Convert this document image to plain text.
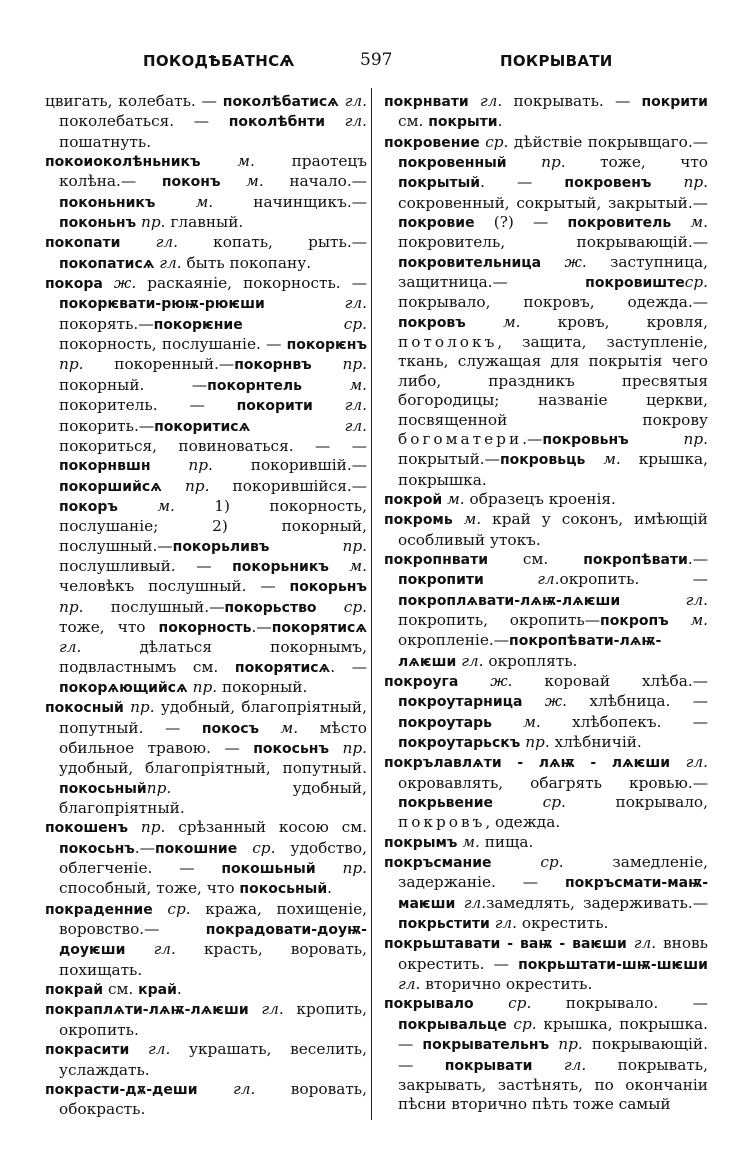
ПОКОДѢБАТНСѦ	597	ПОКРЫВАТИ

цвигать, колебать. — поколѣбатисѧ гл. поколебаться. — поколѣбнти гл. пошатнуть.

покоиоколѣньникъ м. праотецъ колѣна.— поконъ м. начало.—поконьникъ м. начинщикъ.— поконьнъ пр. главный.

покопати гл. копать, рыть.— покопатисѧ гл. быть покопану.

покора ж. раскаяніе, покорность. — покорѥвати-рюѭ-рюѥши гл. покорять.—покорѥние ср. покорность, послушаніе. — покорѥнъ пр. покоренный.—покорнвъ пр. покорный. —покорнтель м. покоритель. — покорити гл. покорить.—покоритисѧ гл. покориться, повиноваться. — —покорнвшн пр. покорившій.— покоршийсѧ пр. покорившійся.— покоръ м. 1) покорность, послушаніе; 2) покорный, послушный.—покорьливъ пр. послушливый. — покорьникъ м. человѣкъ послушный. — покорьнъ пр. послушный.—покорьство ср. тоже, что покорность.—покорятисѧ гл. дѣлаться покорнымъ, подвластнымъ см. покорятисѧ. — покорѧющийсѧ пр. покорный.

покосный пр. удобный, благопріятный, попутный. — покосъ м. мѣсто обильное травою. — покосьнъ пр. удобный, благопріятный, попутный. покосьныйпр. удобный, благопріятный.

покошенъ пр. срѣзанный косою см. покосьнъ.—покошние ср. удобство, облегченіе. — покошьный пр. способный, тоже, что покосьный.

покраденние ср. кража, похищеніе, воровство.— покрадовати-доуѭ-доуѥши гл. красть, воровать, похищать.

покрай см. край.

покраплѧти-лѧѭ-лѧѥши гл. кропить, окропить.

покрасити гл. украшать, веселить, услаждать.

покрасти-дѫ-деши гл. воровать, обокрасть.

покрнвати гл. покрывать. — покрити см. покрыти.

покровение ср. дѣйствіе покрывщаго.—покровенный пр. тоже, что покрытый. — покровенъ пр. сокровенный, сокрытый, закрытый.—покровие (?) — покровитель м. покровитель, покрывающій.—покровительница ж. заступница, защитница.— покровиштеср. покрывало, покровъ, одежда.—покровъ м. кровъ, кровля, потолокъ, защита, заступленіе, ткань, служащая для покрытія чего либо, праздникъ пресвятыя богородицы; названіе церкви, посвященной покрову богоматери.—покровьнъ пр. покрытый.—покровьць м. крышка, покрышка.

покрой м. образецъ кроенія.

покромь м. край у соконъ, имѣющій особливый утокъ.

покропнвати см. покропѣвати.—покропити гл.окропить. — покроплѧвати-лѧѭ-лѧѥши гл. покропить, окропить—покропъ м. окропленіе.—покропѣвати-лѧѭ-лѧѥши гл. окроплять.

покроуга ж. коровай хлѣба.—покроутарница ж. хлѣбница. — покроутарь м. хлѣбопекъ. — покроутарьскъ пр. хлѣбничій.

покрълавлѧти - лѧѭ - лѧѥши гл. окровавлять, обагрять кровью.—покрьвение ср. покрывало, покровъ, одежда.

покрымъ м. пища.

покръсмание ср. замедленіе, задержаніе. — покръсмати-маѭ-маѥши гл.замедлять, задерживать.—покрьстити гл. окрестить.

покрьштавати - ваѭ - ваѥши гл. вновь окрестить. — покрьштати-шѭ-шѥши гл. вторично окрестить.

покрывало ср. покрывало. — покрывальце ср. крышка, покрышка. — покрывательнъ пр. покрывающій.— покрывати гл. покрывать, закрывать, застѣнять, по окончаніи пѣсни вторично пѣть тоже самый
